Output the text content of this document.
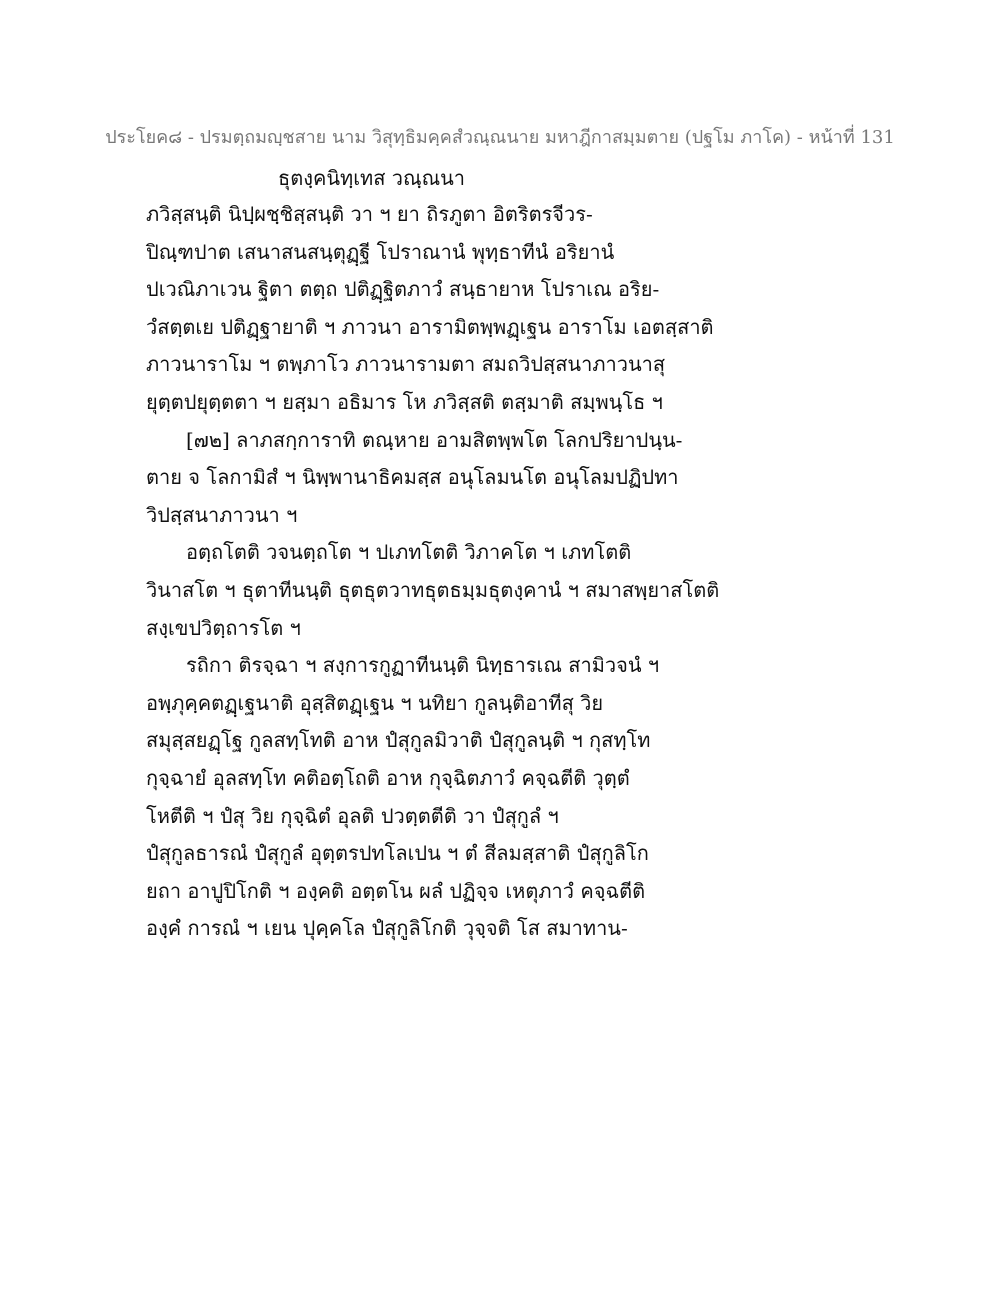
ประโยค๘ - ปรมตฺถมญฺชสาย นาม วิสุทฺธิมคฺคสํวณฺณนาย มหาฎีกาสมฺมตาย (ปฐโม ภาโค) - หน้าที่ 131
ธุตงฺคนิทฺเทส วณฺณนา
ภวิสฺสนฺติ นิปฺผชฺชิสฺสนฺติ วา ฯ ยา ถิรภูตา อิตริตรจีวร-
ปิณฺฑปาต เสนาสนสนฺตุฏฺฐี โปราณานํ พุทฺธาทีนํ อริยานํ
ปเวณิภาเวน ฐิตา ตตฺถ ปติฏฺฐิตภาวํ สนฺธายาห โปราเณ อริย-
วํสตฺตเย ปติฏฺฐายาติ ฯ ภาวนา อารามิตพฺพฏฺเฐน อาราโม เอตสฺสาติ
ภาวนาราโม ฯ ตพฺภาโว ภาวนารามตา สมถวิปสฺสนาภาวนาสุ
ยุตฺตปยุตฺตตา ฯ ยสฺมา อธิมาร โห ภวิสฺสติ ตสฺมาติ สมฺพนฺโธ ฯ
[๗๒] ลาภสกฺการาทิ ตณฺหาย อามสิตพฺพโต โลกปริยาปนฺน-
ตาย จ โลกามิสํ ฯ นิพฺพานาธิคมสฺส อนุโลมนโต อนุโลมปฏิปทา
วิปสฺสนาภาวนา ฯ
อตฺถโตติ วจนตฺถโต ฯ ปเภทโตติ วิภาคโต ฯ เภทโตติ
วินาสโต ฯ ธุตาทีนนฺติ ธุตธุตวาทธุตธมฺมธุตงฺคานํ ฯ สมาสพฺยาสโตติ
สงฺเขปวิตฺถารโต ฯ
รถิกา ติรจฺฉา ฯ สงฺการกูฏาทีนนฺติ นิทฺธารเณ สามิวจนํ ฯ
อพฺภุคฺคตฏฺเฐนาติ อุสฺสิตฏฺเฐน ฯ นทิยา กูลนฺติอาทีสุ วิย
สมุสฺสยฏฺโฐ กูลสทฺโทติ อาห ปํสุกูลมิวาติ ปํสุกูลนฺติ ฯ กุสทฺโท
กุจฺฉายํ อุลสทฺโท คติอตฺโถติ อาห กุจฺฉิตภาวํ คจฺฉตีติ วุตฺตํ
โหตีติ ฯ ปํสุ วิย กุจฺฉิตํ อุลติ ปวตฺตตีติ วา ปํสุกูลํ ฯ
ปํสุกูลธารณํ ปํสุกูลํ อุตฺตรปทโลเปน ฯ ตํ สีลมสฺสาติ ปํสุกูลิโก
ยถา อาปูปิโกติ ฯ องฺคติ อตฺตโน ผลํ ปฏิจฺจ เหตุภาวํ คจฺฉตีติ
องฺคํ การณํ ฯ เยน ปุคฺคโล ปํสุกูลิโกติ วุจฺจติ โส สมาทาน-
